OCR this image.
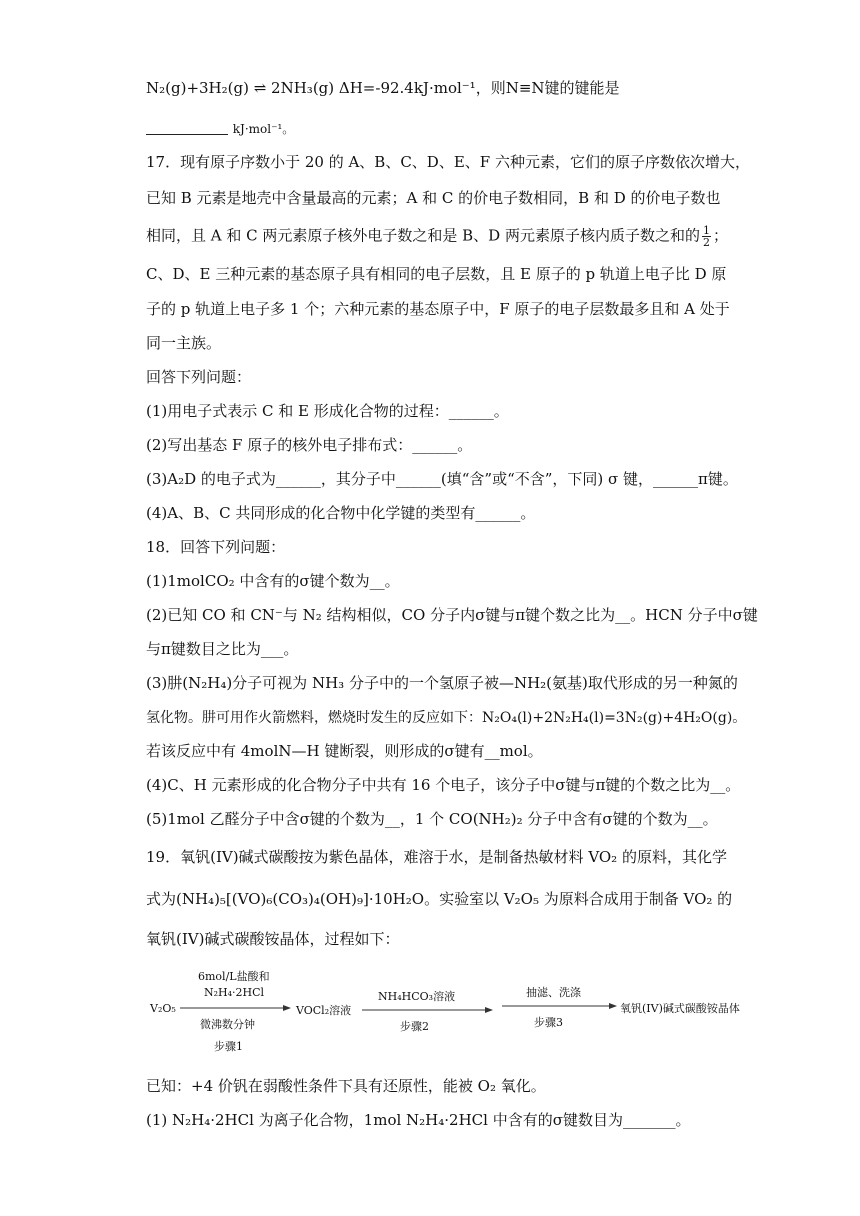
N₂(g)+3H₂(g) ⇌ 2NH₃(g) ΔH=-92.4kJ·mol⁻¹，则N≡N键的键能是
kJ·mol⁻¹。
17．现有原子序数小于 20 的 A、B、C、D、E、F 六种元素，它们的原子序数依次增大，
已知 B 元素是地壳中含量最高的元素；A 和 C 的价电子数相同，B 和 D 的价电子数也
相同，且 A 和 C 两元素原子核外电子数之和是 B、D 两元素原子核内质子数之和的 $\frac{1}{2}$ ；
C、D、E 三种元素的基态原子具有相同的电子层数，且 E 原子的 p 轨道上电子比 D 原
子的 p 轨道上电子多 1 个；六种元素的基态原子中，F 原子的电子层数最多且和 A 处于
同一主族。
回答下列问题：
(1)用电子式表示 C 和 E 形成化合物的过程：______。
(2)写出基态 F 原子的核外电子排布式：______。
(3)A₂D 的电子式为______，其分子中______(填“含”或“不含”，下同) σ 键，______π键。
(4)A、B、C 共同形成的化合物中化学键的类型有______。
18．回答下列问题：
(1)1molCO₂ 中含有的σ键个数为__。
(2)已知 CO 和 CN⁻与 N₂ 结构相似，CO 分子内σ键与π键个数之比为__。HCN 分子中σ键
与π键数目之比为___。
(3)肼(N₂H₄)分子可视为 NH₃ 分子中的一个氢原子被—NH₂(氨基)取代形成的另一种氮的
氢化物。肼可用作火箭燃料，燃烧时发生的反应如下：N₂O₄(l)+2N₂H₄(l)=3N₂(g)+4H₂O(g)。
若该反应中有 4molN—H 键断裂，则形成的σ键有__mol。
(4)C、H 元素形成的化合物分子中共有 16 个电子，该分子中σ键与π键的个数之比为__。
(5)1mol 乙醛分子中含σ键的个数为__，1 个 CO(NH₂)₂ 分子中含有σ键的个数为__。
19．氧钒(IV)碱式碳酸按为紫色晶体，难溶于水，是制备热敏材料 VO₂ 的原料，其化学
式为(NH₄)₅[(VO)₆(CO₃)₄(OH)₉]·10H₂O。实验室以 V₂O₅ 为原料合成用于制备 VO₂ 的
氧钒(IV)碱式碳酸铵晶体，过程如下：
V₂O₅
6mol/L盐酸和
N₂H₄·2HCl
微沸数分钟
步骤1
VOCl₂溶液
NH₄HCO₃溶液
步骤2
抽滤、洗涤
步骤3
氧钒(IV)碱式碳酸铵晶体
已知：+4 价钒在弱酸性条件下具有还原性，能被 O₂ 氧化。
(1) N₂H₄·2HCl 为离子化合物，1mol N₂H₄·2HCl 中含有的σ键数目为_______。
